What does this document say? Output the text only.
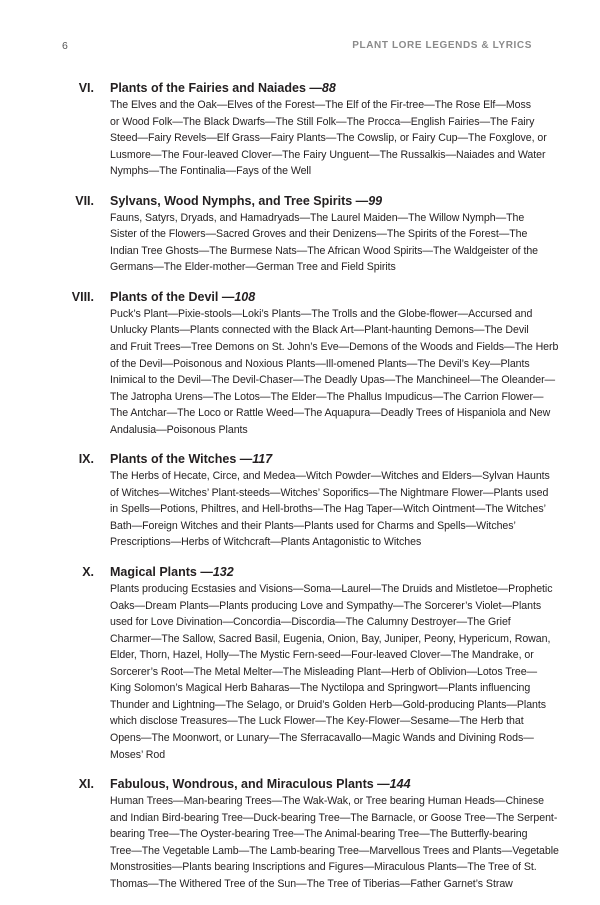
6	PLANT LORE LEGENDS & LYRICS
VI. Plants of the Fairies and Naiades —88
The Elves and the Oak—Elves of the Forest—The Elf of the Fir-tree—The Rose Elf—Moss
or Wood Folk—The Black Dwarfs—The Still Folk—The Procca—English Fairies—The Fairy
Steed—Fairy Revels—Elf Grass—Fairy Plants—The Cowslip, or Fairy Cup—The Foxglove, or
Lusmore—The Four-leaved Clover—The Fairy Unguent—The Russalkis—Naiades and Water
Nymphs—The Fontinalia—Fays of the Well
VII. Sylvans, Wood Nymphs, and Tree Spirits —99
Fauns, Satyrs, Dryads, and Hamadryads—The Laurel Maiden—The Willow Nymph—The
Sister of the Flowers—Sacred Groves and their Denizens—The Spirits of the Forest—The
Indian Tree Ghosts—The Burmese Nats—The African Wood Spirits—The Waldgeister of the
Germans—The Elder-mother—German Tree and Field Spirits
VIII. Plants of the Devil —108
Puck’s Plant—Pixie-stools—Loki’s Plants—The Trolls and the Globe-flower—Accursed and
Unlucky Plants—Plants connected with the Black Art—Plant-haunting Demons—The Devil
and Fruit Trees—Tree Demons on St. John’s Eve—Demons of the Woods and Fields—The Herb
of the Devil—Poisonous and Noxious Plants—Ill-omened Plants—The Devil’s Key—Plants
Inimical to the Devil—The Devil-Chaser—The Deadly Upas—The Manchineel—The Oleander—
The Jatropha Urens—The Lotos—The Elder—The Phallus Impudicus—The Carrion Flower—
The Antchar—The Loco or Rattle Weed—The Aquapura—Deadly Trees of Hispaniola and New
Andalusia—Poisonous Plants
IX. Plants of the Witches —117
The Herbs of Hecate, Circe, and Medea—Witch Powder—Witches and Elders—Sylvan Haunts
of Witches—Witches’ Plant-steeds—Witches’ Soporifics—The Nightmare Flower—Plants used
in Spells—Potions, Philtres, and Hell-broths—The Hag Taper—Witch Ointment—The Witches’
Bath—Foreign Witches and their Plants—Plants used for Charms and Spells—Witches’
Prescriptions—Herbs of Witchcraft—Plants Antagonistic to Witches
X. Magical Plants —132
Plants producing Ecstasies and Visions—Soma—Laurel—The Druids and Mistletoe—Prophetic
Oaks—Dream Plants—Plants producing Love and Sympathy—The Sorcerer’s Violet—Plants
used for Love Divination—Concordia—Discordia—The Calumny Destroyer—The Grief
Charmer—The Sallow, Sacred Basil, Eugenia, Onion, Bay, Juniper, Peony, Hypericum, Rowan,
Elder, Thorn, Hazel, Holly—The Mystic Fern-seed—Four-leaved Clover—The Mandrake, or
Sorcerer’s Root—The Metal Melter—The Misleading Plant—Herb of Oblivion—Lotos Tree—
King Solomon’s Magical Herb Baharas—The Nyctilopa and Springwort—Plants influencing
Thunder and Lightning—The Selago, or Druid’s Golden Herb—Gold-producing Plants—Plants
which disclose Treasures—The Luck Flower—The Key-Flower—Sesame—The Herb that
Opens—The Moonwort, or Lunary—The Sferracavallo—Magic Wands and Divining Rods—
Moses’ Rod
XI. Fabulous, Wondrous, and Miraculous Plants —144
Human Trees—Man-bearing Trees—The Wak-Wak, or Tree bearing Human Heads—Chinese
and Indian Bird-bearing Tree—Duck-bearing Tree—The Barnacle, or Goose Tree—The Serpent-
bearing Tree—The Oyster-bearing Tree—The Animal-bearing Tree—The Butterfly-bearing
Tree—The Vegetable Lamb—The Lamb-bearing Tree—Marvellous Trees and Plants—Vegetable
Monstrosities—Plants bearing Inscriptions and Figures—Miraculous Plants—The Tree of St.
Thomas—The Withered Tree of the Sun—The Tree of Tiberias—Father Garnet’s Straw
